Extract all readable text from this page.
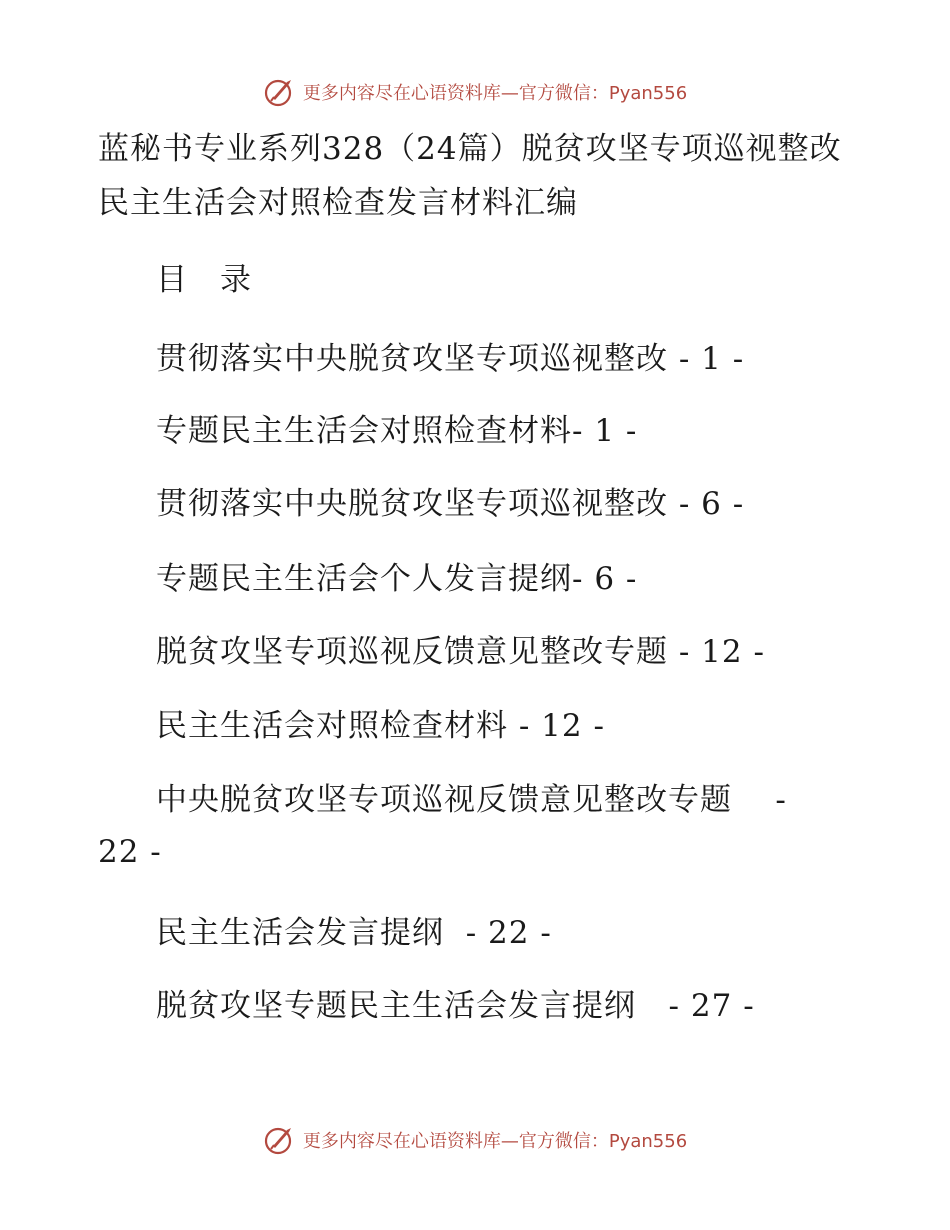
更多内容尽在心语资料库—官方微信：Pyan556
蓝秘书专业系列328（24篇）脱贫攻坚专项巡视整改民主生活会对照检查发言材料汇编
目　录
贯彻落实中央脱贫攻坚专项巡视整改 - 1 -
专题民主生活会对照检查材料- 1 -
贯彻落实中央脱贫攻坚专项巡视整改 - 6 -
专题民主生活会个人发言提纲- 6 -
脱贫攻坚专项巡视反馈意见整改专题 - 12 -
民主生活会对照检查材料 - 12 -
中央脱贫攻坚专项巡视反馈意见整改专题    -
22 -
民主生活会发言提纲  - 22 -
脱贫攻坚专题民主生活会发言提纲   - 27 -
更多内容尽在心语资料库—官方微信：Pyan556
